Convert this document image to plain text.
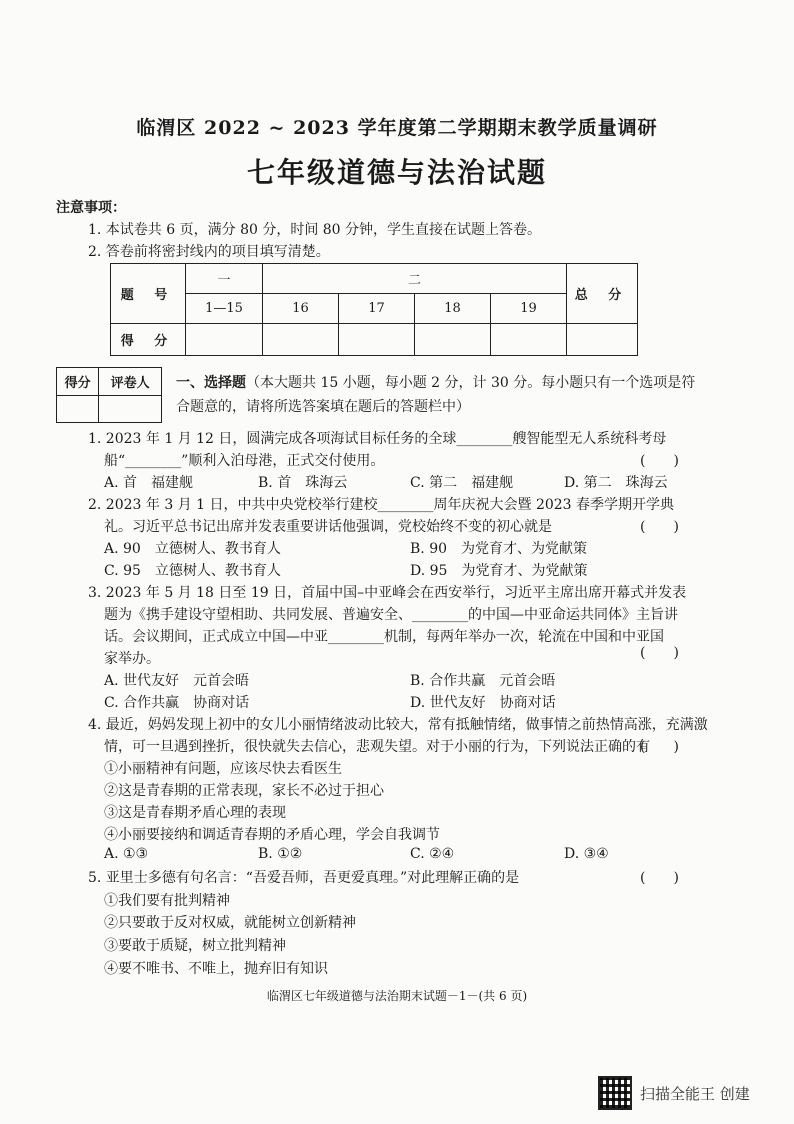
临渭区 2022 ~ 2023 学年度第二学期期末教学质量调研
七年级道德与法治试题
注意事项：
1. 本试卷共 6 页，满分 80 分，时间 80 分钟，学生直接在试题上答卷。
2. 答卷前将密封线内的项目填写清楚。
题 号	一	二				总 分
	1—15	16	17	18	19	
得 分						
得分	评卷人
	一、选择题（本大题共 15 小题，每小题 2 分，计 30 分。每小题只有一个选项是符合题意的，请将所选答案填在题后的答题栏中）
1. 2023 年 1 月 12 日，圆满完成各项海试目标任务的全球________艘智能型无人系统科考母
船“________”顺利入泊母港，正式交付使用。	(　　)
A. 首　福建舰	B. 首　珠海云	C. 第二　福建舰	D. 第二　珠海云
2. 2023 年 3 月 1 日，中共中央党校举行建校________周年庆祝大会暨 2023 春季学期开学典
礼。习近平总书记出席并发表重要讲话他强调，党校始终不变的初心就是	(　　)
A. 90　立德树人、教书育人	B. 90　为党育才、为党献策
C. 95　立德树人、教书育人	D. 95　为党育才、为党献策
3. 2023 年 5 月 18 日至 19 日，首届中国–中亚峰会在西安举行，习近平主席出席开幕式并发表
题为《携手建设守望相助、共同发展、普遍安全、________的中国—中亚命运共同体》主旨讲
话。会议期间，正式成立中国—中亚________机制，每两年举办一次，轮流在中国和中亚国
家举办。	(　　)
A. 世代友好　元首会晤	B. 合作共赢　元首会晤
C. 合作共赢　协商对话	D. 世代友好　协商对话
4. 最近，妈妈发现上初中的女儿小丽情绪波动比较大，常有抵触情绪，做事情之前热情高涨，充满激
情，可一旦遇到挫折，很快就失去信心，悲观失望。对于小丽的行为，下列说法正确的有
(　　)
①小丽精神有问题，应该尽快去看医生
②这是青春期的正常表现，家长不必过于担心
③这是青春期矛盾心理的表现
④小丽要接纳和调适青春期的矛盾心理，学会自我调节
A. ①③	B. ①②	C. ②④	D. ③④
5. 亚里士多德有句名言：“吾爱吾师，吾更爱真理。”对此理解正确的是	(　　)
①我们要有批判精神
②只要敢于反对权威，就能树立创新精神
③要敢于质疑，树立批判精神
临渭区七年级道德与法治期末试题－1－(共 6 页)
扫描全能王 创建
④要不唯书、不唯上，抛弃旧有知识
